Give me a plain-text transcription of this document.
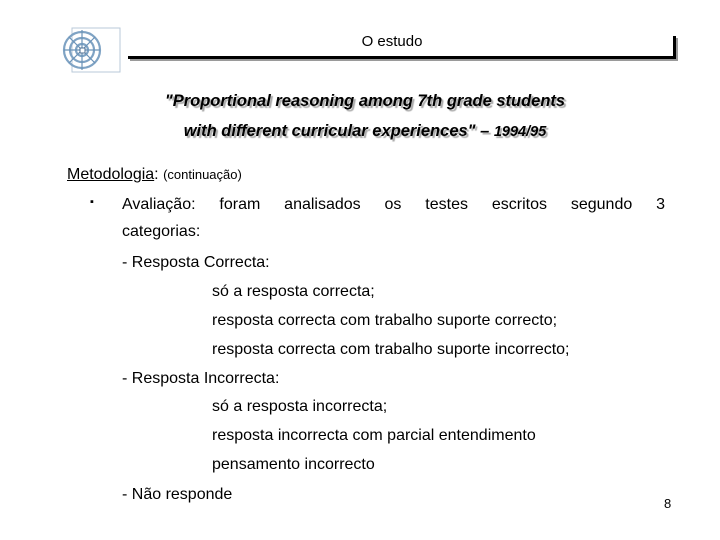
O estudo
"Proportional reasoning among 7th grade students
with different curricular experiences" – 1994/95
Metodologia: (continuação)
▪ Avaliação: foram analisados os testes escritos segundo 3
categorias:
- Resposta Correcta:
só a resposta correcta;
resposta correcta com trabalho suporte correcto;
resposta correcta com trabalho suporte incorrecto;
- Resposta Incorrecta:
só a resposta incorrecta;
resposta incorrecta com parcial entendimento
pensamento incorrecto
- Não responde
8
